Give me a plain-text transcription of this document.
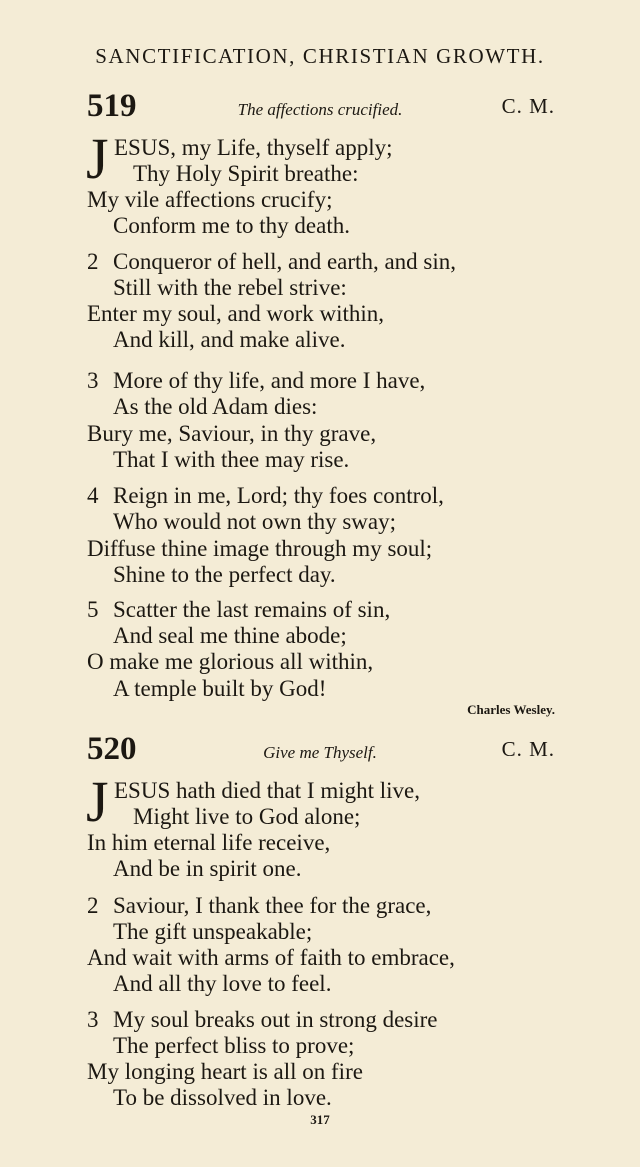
SANCTIFICATION, CHRISTIAN GROWTH.
519	The affections crucified.	C. M.
J ESUS, my Life, thyself apply;
Thy Holy Spirit breathe:
My vile affections crucify;
Conform me to thy death.
2 Conqueror of hell, and earth, and sin,
Still with the rebel strive:
Enter my soul, and work within,
And kill, and make alive.
3 More of thy life, and more I have,
As the old Adam dies:
Bury me, Saviour, in thy grave,
That I with thee may rise.
4 Reign in me, Lord; thy foes control,
Who would not own thy sway;
Diffuse thine image through my soul;
Shine to the perfect day.
5 Scatter the last remains of sin,
And seal me thine abode;
O make me glorious all within,
A temple built by God!
Charles Wesley.
520	Give me Thyself.	C. M.
J ESUS hath died that I might live,
Might live to God alone;
In him eternal life receive,
And be in spirit one.
2 Saviour, I thank thee for the grace,
The gift unspeakable;
And wait with arms of faith to embrace,
And all thy love to feel.
3 My soul breaks out in strong desire
The perfect bliss to prove;
My longing heart is all on fire
To be dissolved in love.
317
